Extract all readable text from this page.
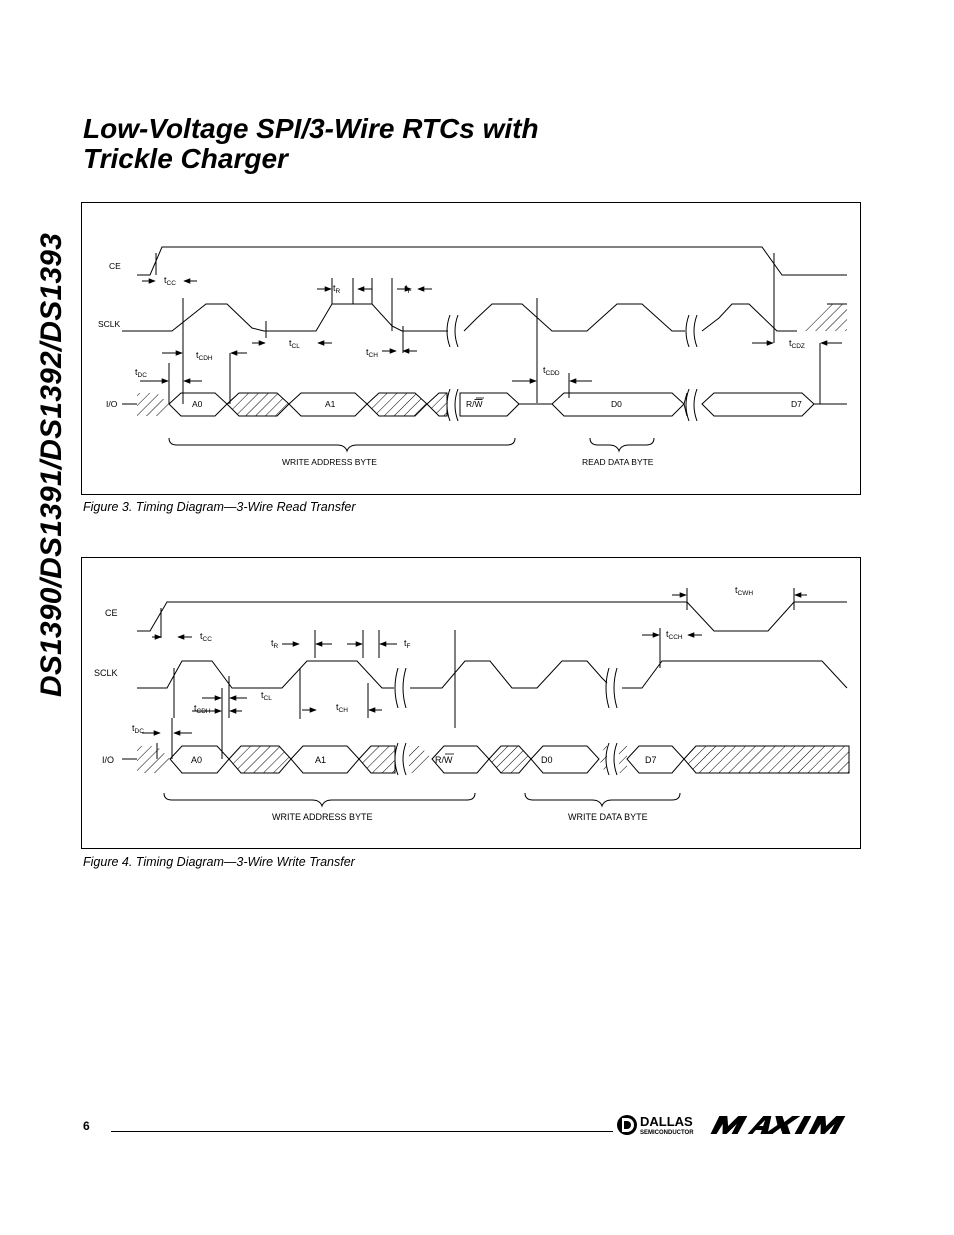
DS1390/DS1391/DS1392/DS1393
Low-Voltage SPI/3-Wire RTCs with
Trickle Charger
CE
SCLK
I/O	A0	A1	R/W	D0	D7
WRITE ADDRESS BYTE	READ DATA BYTE
$t_{CC}$	$t_R$	$t_F$
$t_{CL}$
$t_{CH}$
$t_{CDH}$
$t_{DC}$
$t_{CDD}$
$t_{CDZ}$
Figure 3. Timing Diagram—3-Wire Read Transfer
CE
SCLK
I/O	A0	A1	R/W	D0	D7
WRITE ADDRESS BYTE	WRITE DATA BYTE
$t_{CC}$	$t_R$	$t_F$
$t_{CL}$
$t_{CH}$
$t_{CDH}$
$t_{DC}$
$t_{CWH}$
$t_{CCH}$
Figure 4. Timing Diagram—3-Wire Write Transfer
6	DALLAS
SEMICONDUCTOR
